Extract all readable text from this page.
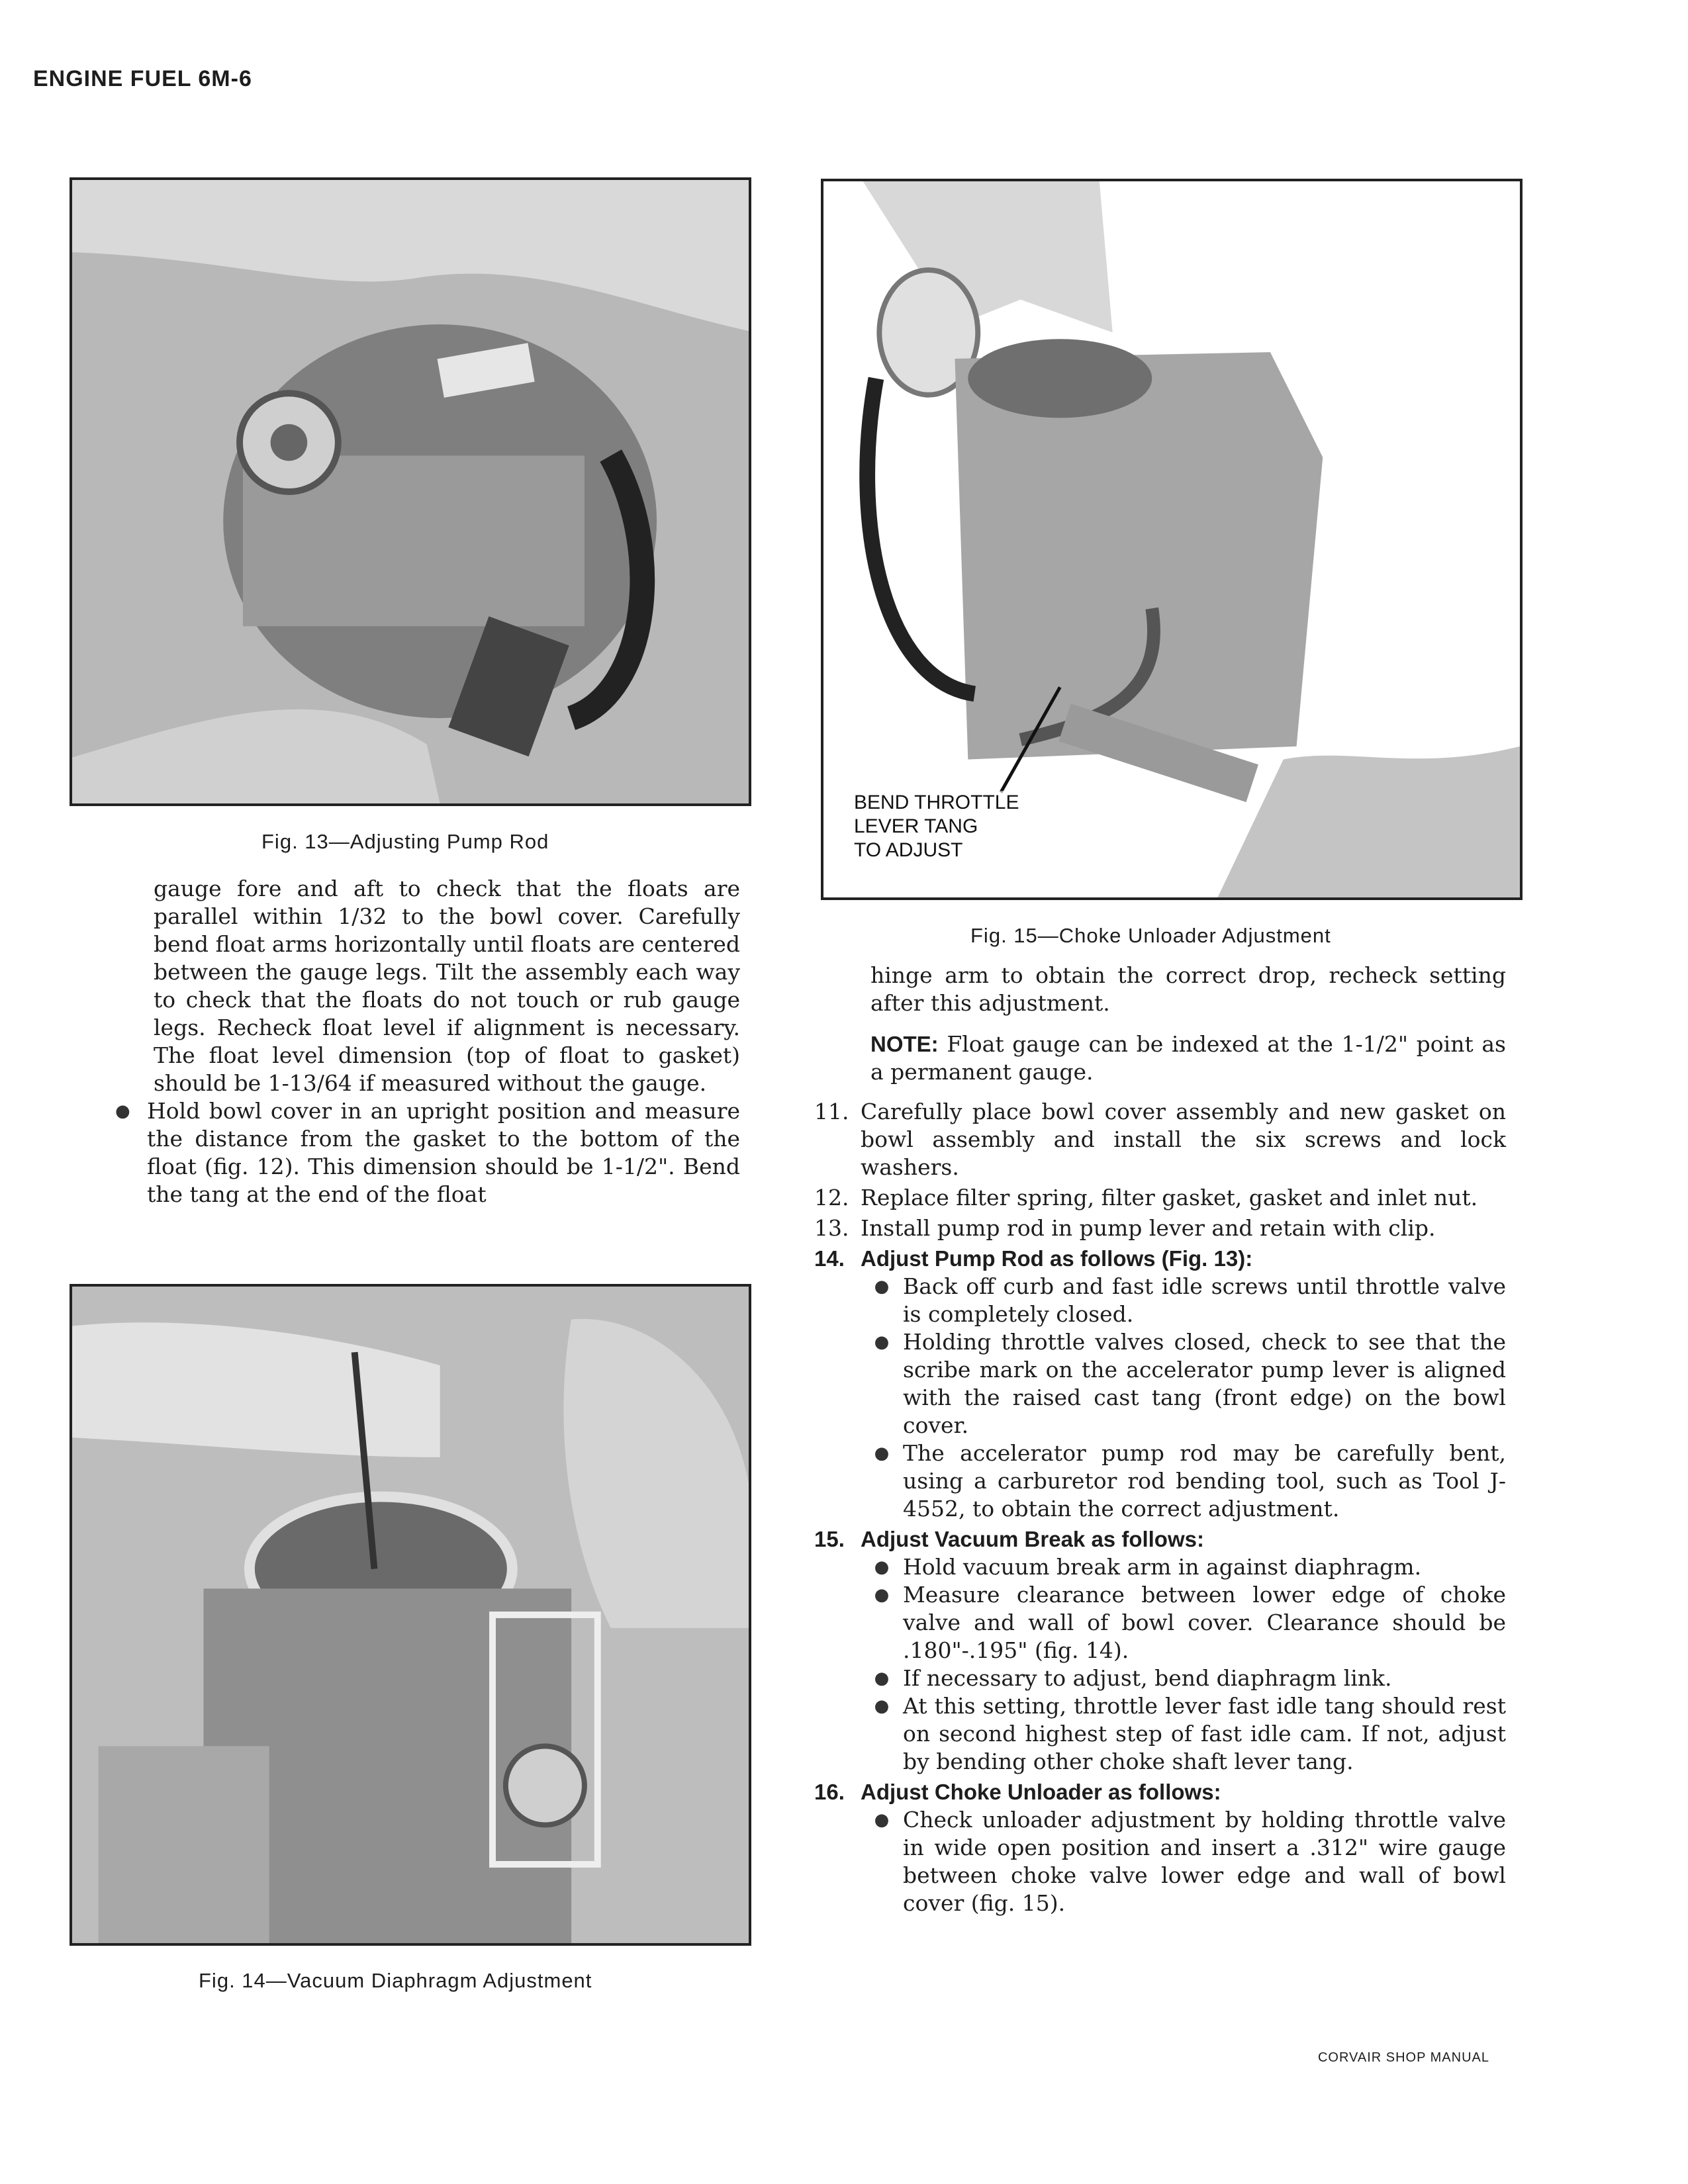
ENGINE FUEL 6M-6
Fig. 13—Adjusting Pump Rod
BEND THROTTLE
LEVER TANG
TO ADJUST
Fig. 15—Choke Unloader Adjustment

gauge fore and aft to check that the floats are parallel within 1/32 to the bowl cover. Carefully bend float arms horizontally until floats are centered between the gauge legs. Tilt the assembly each way to check that the floats do not touch or rub gauge legs. Recheck float level if alignment is necessary. The float level dimension (top of float to gasket) should be 1-13/64 if measured without the gauge.

● Hold bowl cover in an upright position and measure the distance from the gasket to the bottom of the float (fig. 12). This dimension should be 1-1/2". Bend the tang at the end of the float
Fig. 14—Vacuum Diaphragm Adjustment

hinge arm to obtain the correct drop, recheck setting after this adjustment.

NOTE: Float gauge can be indexed at the 1-1/2" point as a permanent gauge.

11. Carefully place bowl cover assembly and new gasket on bowl assembly and install the six screws and lock washers.
12. Replace filter spring, filter gasket, gasket and inlet nut.
13. Install pump rod in pump lever and retain with clip.
14. Adjust Pump Rod as follows (Fig. 13):
● Back off curb and fast idle screws until throttle valve is completely closed.
● Holding throttle valves closed, check to see that the scribe mark on the accelerator pump lever is aligned with the raised cast tang (front edge) on the bowl cover.
● The accelerator pump rod may be carefully bent, using a carburetor rod bending tool, such as Tool J-4552, to obtain the correct adjustment.
15. Adjust Vacuum Break as follows:
● Hold vacuum break arm in against diaphragm.
● Measure clearance between lower edge of choke valve and wall of bowl cover. Clearance should be .180"-.195" (fig. 14).
● If necessary to adjust, bend diaphragm link.
● At this setting, throttle lever fast idle tang should rest on second highest step of fast idle cam. If not, adjust by bending other choke shaft lever tang.
16. Adjust Choke Unloader as follows:
● Check unloader adjustment by holding throttle valve in wide open position and insert a .312" wire gauge between choke valve lower edge and wall of bowl cover (fig. 15).
CORVAIR SHOP MANUAL
